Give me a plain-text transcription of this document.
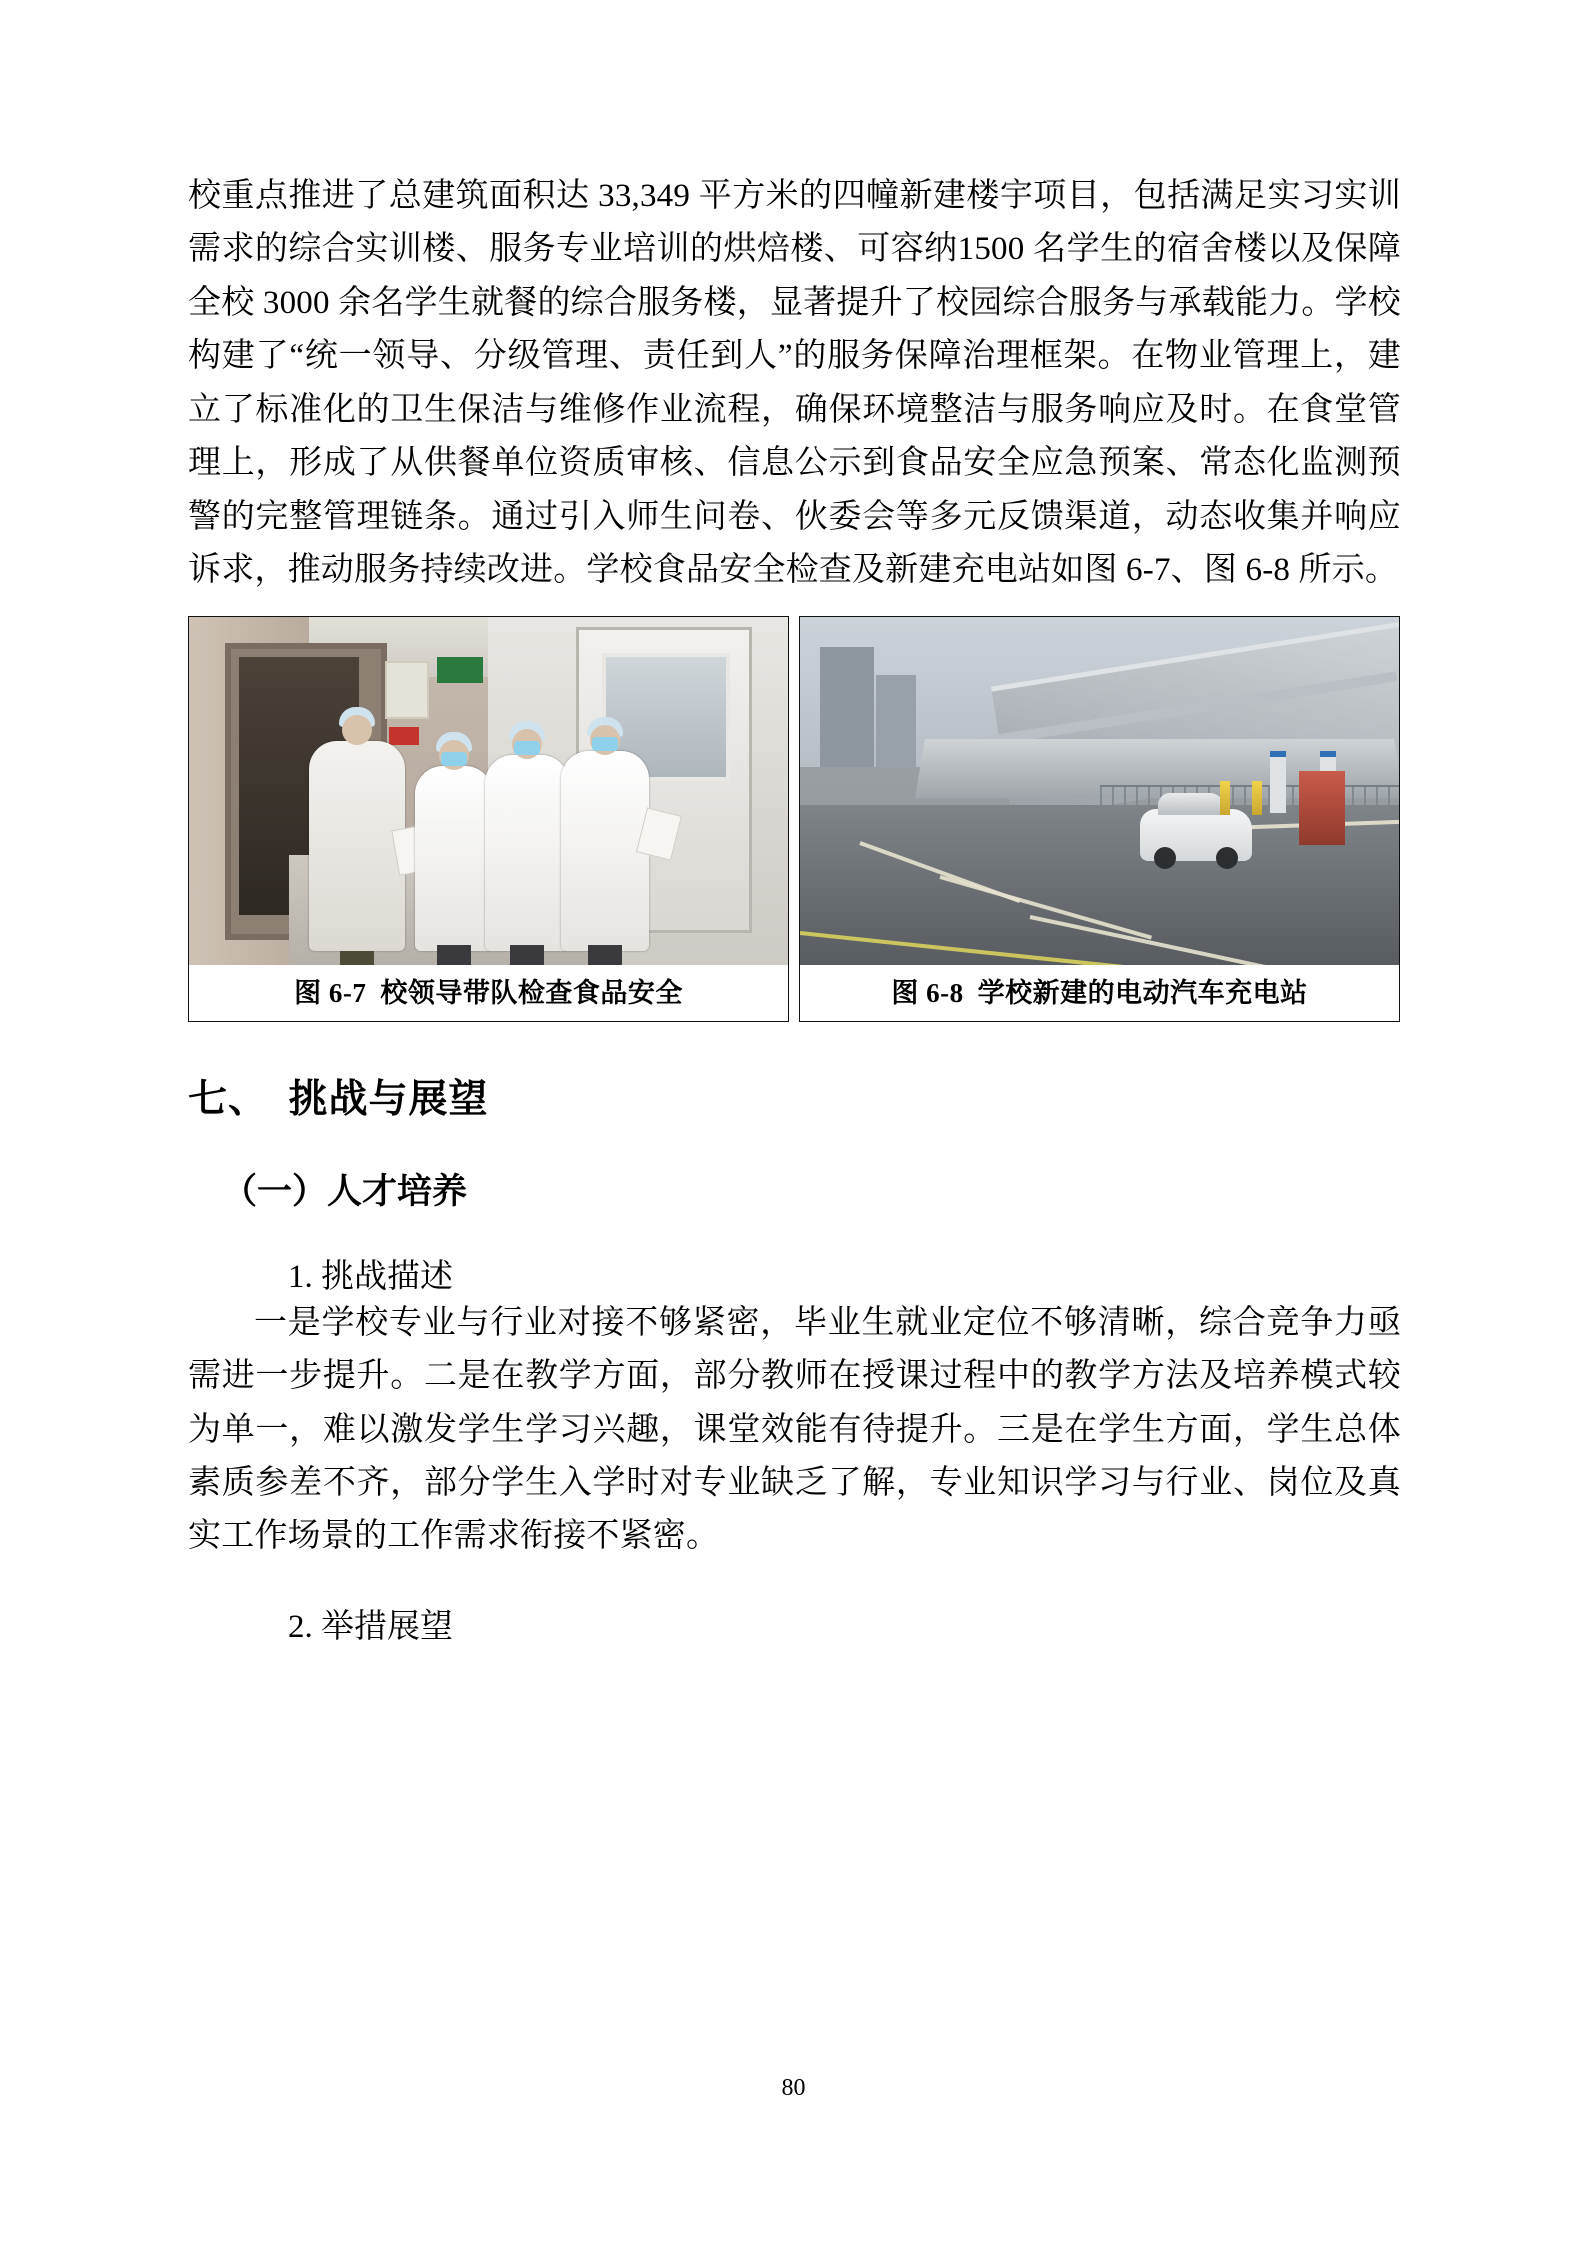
校重点推进了总建筑面积达 33,349 平方米的四幢新建楼宇项目，包括满足实习实训需求的综合实训楼、服务专业培训的烘焙楼、可容纳1500 名学生的宿舍楼以及保障全校 3000 余名学生就餐的综合服务楼，显著提升了校园综合服务与承载能力。学校构建了“统一领导、分级管理、责任到人”的服务保障治理框架。在物业管理上，建立了标准化的卫生保洁与维修作业流程，确保环境整洁与服务响应及时。在食堂管理上，形成了从供餐单位资质审核、信息公示到食品安全应急预案、常态化监测预警的完整管理链条。通过引入师生问卷、伙委会等多元反馈渠道，动态收集并响应诉求，推动服务持续改进。学校食品安全检查及新建充电站如图 6-7、图 6-8 所示。

图 6-7 校领导带队检查食品安全	图 6-8 学校新建的电动汽车充电站
七、　挑战与展望
（一）人才培养
1. 挑战描述

一是学校专业与行业对接不够紧密，毕业生就业定位不够清晰，综合竞争力亟需进一步提升。二是在教学方面，部分教师在授课过程中的教学方法及培养模式较为单一，难以激发学生学习兴趣，课堂效能有待提升。三是在学生方面，学生总体素质参差不齐，部分学生入学时对专业缺乏了解，专业知识学习与行业、岗位及真实工作场景的工作需求衔接不紧密。

2. 举措展望
80
